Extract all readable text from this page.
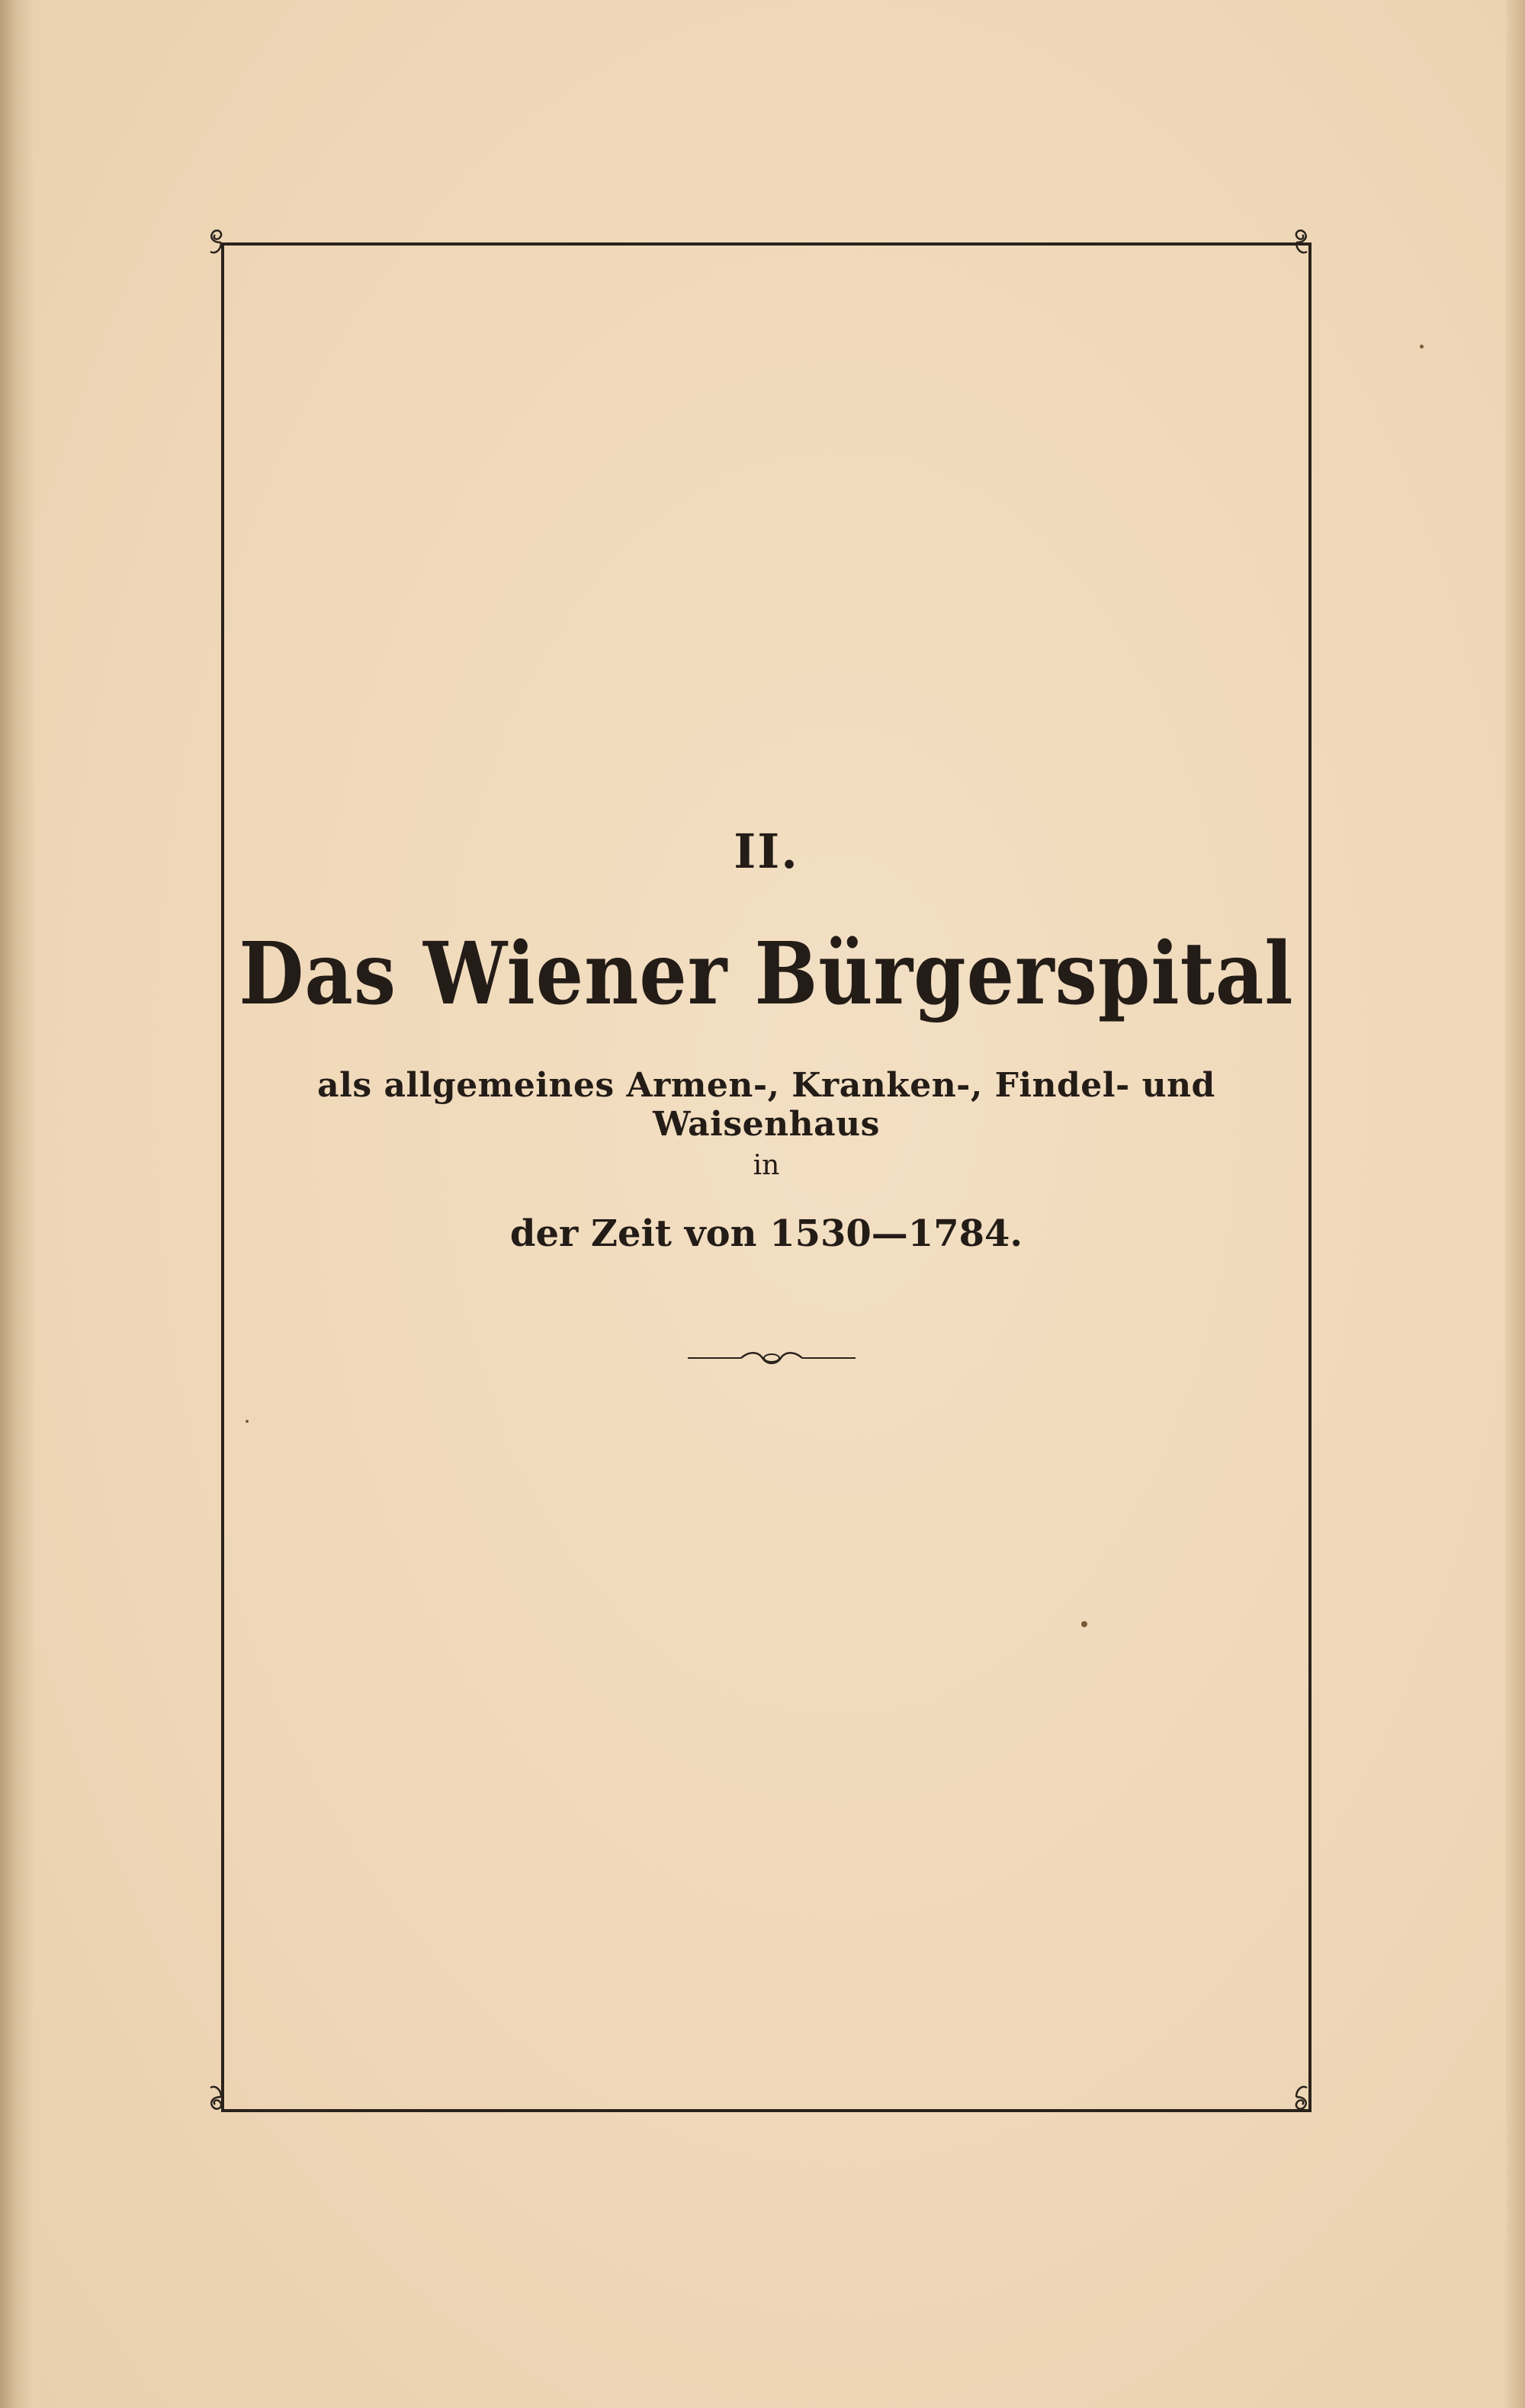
II.
Das Wiener Bürgerspital
als allgemeines Armen-, Kranken-, Findel- und Waisenhaus
in
der Zeit von 1530—1784.
